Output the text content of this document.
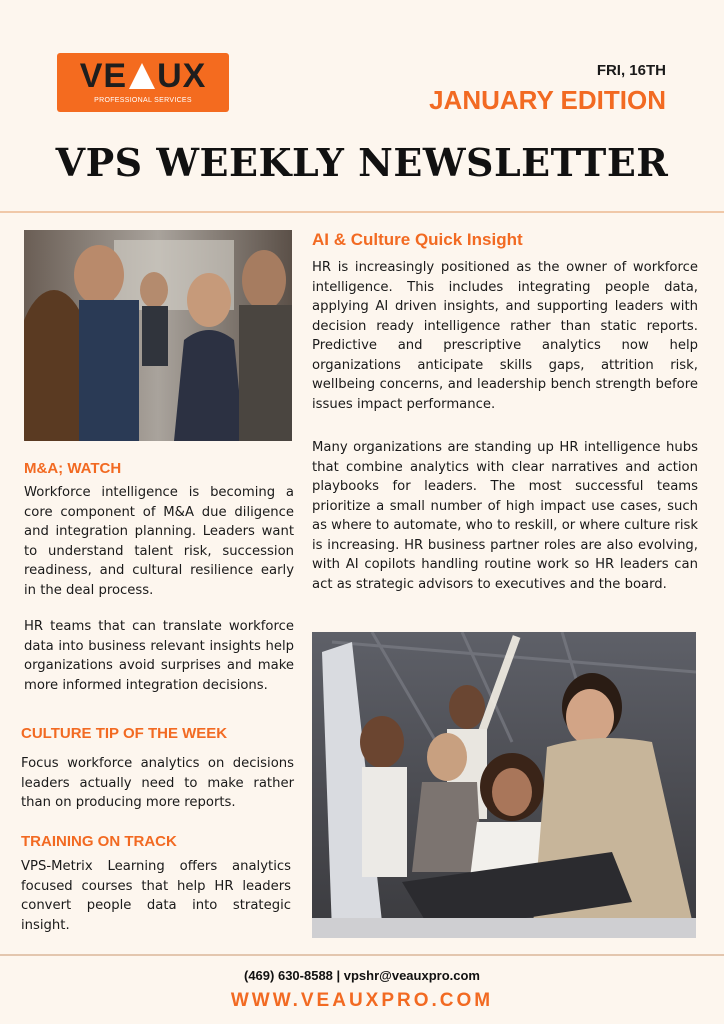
VE UX
PROFESSIONAL SERVICES
FRI, 16TH
JANUARY EDITION
VPS WEEKLY NEWSLETTER
M&A; WATCH

Workforce intelligence is becoming a core component of M&A due diligence and integration planning. Leaders want to understand talent risk, succession readiness, and cultural resilience early in the deal process.

HR teams that can translate workforce data into business relevant insights help organizations avoid surprises and make more informed integration decisions.

CULTURE TIP OF THE WEEK

Focus workforce analytics on decisions leaders actually need to make rather than on producing more reports.

TRAINING ON TRACK

VPS-Metrix Learning offers analytics focused courses that help HR leaders convert people data into strategic insight.

AI & Culture Quick Insight

HR is increasingly positioned as the owner of workforce intelligence. This includes integrating people data, applying AI driven insights, and supporting leaders with decision ready intelligence rather than static reports. Predictive and prescriptive analytics now help organizations anticipate skills gaps, attrition risk, wellbeing concerns, and leadership bench strength before issues impact performance.

Many organizations are standing up HR intelligence hubs that combine analytics with clear narratives and action playbooks for leaders. The most successful teams prioritize a small number of high impact use cases, such as where to automate, who to reskill, or where culture risk is increasing. HR business partner roles are also evolving, with AI copilots handling routine work so HR leaders can act as strategic advisors to executives and the board.

(469) 630-8588 | vpshr@veauxpro.com
WWW.VEAUXPRO.COM
